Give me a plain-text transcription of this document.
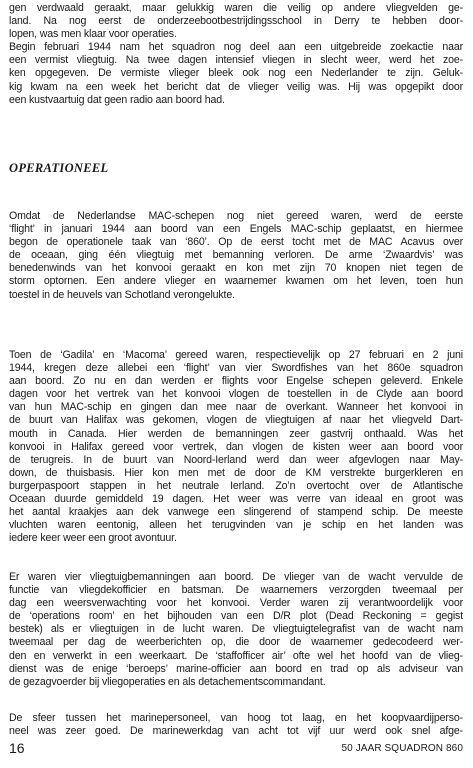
gen verdwaald geraakt, maar gelukkig waren die veilig op andere vliegvelden ge-
land. Na nog eerst de onderzeebootbestrijdingsschool in Derry te hebben door-
lopen, was men klaar voor operaties.
Begin februari 1944 nam het squadron nog deel aan een uitgebreide zoekactie naar
een vermist vliegtuig. Na twee dagen intensief vliegen in slecht weer, werd het zoe-
ken opgegeven. De vermiste vlieger bleek ook nog een Nederlander te zijn. Geluk-
kig kwam na een week het bericht dat de vlieger veilig was. Hij was opgepikt door
een kustvaartuig dat geen radio aan boord had.
OPERATIONEEL
Omdat de Nederlandse MAC-schepen nog niet gereed waren, werd de eerste
‘flight’ in januari 1944 aan boord van een Engels MAC-schip geplaatst, en hiermee
begon de operationele taak van ‘860’. Op de eerst tocht met de MAC Acavus over
de oceaan, ging één vliegtuig met bemanning verloren. De arme ‘Zwaardvis’ was
benedenwinds van het konvooi geraakt en kon met zijn 70 knopen niet tegen de
storm optornen. Een andere vlieger en waarnemer kwamen om het leven, toen hun
toestel in de heuvels van Schotland verongelukte.
Toen de ‘Gadila’ en ‘Macoma’ gereed waren, respectievelijk op 27 februari en 2 juni
1944, kregen deze allebei een ‘flight’ van vier Swordfishes van het 860e squadron
aan boord. Zo nu en dan werden er flights voor Engelse schepen geleverd. Enkele
dagen voor het vertrek van het konvooi vlogen de toestellen in de Clyde aan boord
van hun MAC-schip en gingen dan mee naar de overkant. Wanneer het konvooi in
de buurt van Halifax was gekomen, vlogen de vliegtuigen af naar het vliegveld Dart-
mouth in Canada. Hier werden de bemanningen zeer gastvrij onthaald. Was het
konvooi in Halifax gereed voor vertrek, dan vlogen de kisten weer aan boord voor
de terugreis. In de buurt van Noord-Ierland werd dan weer afgevlogen naar May-
down, de thuisbasis. Hier kon men met de door de KM verstrekte burgerkleren en
burgerpaspoort stappen in het neutrale Ierland. Zo’n overtocht over de Atlantische
Oceaan duurde gemiddeld 19 dagen. Het weer was verre van ideaal en groot was
het aantal kraakjes aan dek vanwege een slingerend of stampend schip. De meeste
vluchten waren eentonig, alleen het terugvinden van je schip en het landen was
iedere keer weer een groot avontuur.
Er waren vier vliegtuigbemanningen aan boord. De vlieger van de wacht vervulde de
functie van vliegdekofficier en batsman. De waarnemers verzorgden tweemaal per
dag een weersverwachting voor het konvooi. Verder waren zij verantwoordelijk voor
de ‘operations room’ en het bijhouden van een D/R plot (Dead Reckoning = gegist
bestek) als er vliegtuigen in de lucht waren. De vliegtuigtelegrafist van de wacht nam
tweemaal per dag de weerberichten op, die door de waarnemer gedecodeerd wer-
den en verwerkt in een weerkaart. De ‘staffofficer air’ ofte wel het hoofd van de vlieg-
dienst was de enige ‘beroeps’ marine-officier aan boord en trad op als adviseur van
de gezagvoerder bij vliegoperaties en als detachementscommandant.
De sfeer tussen het marinepersoneel, van hoog tot laag, en het koopvaardijperso-
neel was zeer goed. De marinewerkdag van acht tot vijf uur werd ook snel afge-
16	50 JAAR SQUADRON 860
